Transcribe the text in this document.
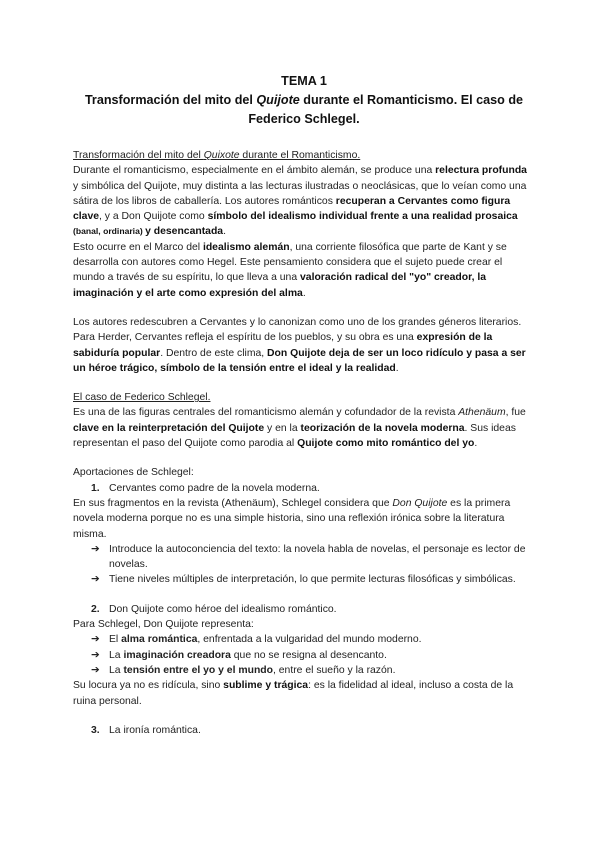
TEMA 1
Transformación del mito del Quijote durante el Romanticismo. El caso de Federico Schlegel.

Transformación del mito del Quixote durante el Romanticismo.

Durante el romanticismo, especialmente en el ámbito alemán, se produce una relectura profunda y simbólica del Quijote, muy distinta a las lecturas ilustradas o neoclásicas, que lo veían como una sátira de los libros de caballería. Los autores románticos recuperan a Cervantes como figura clave, y a Don Quijote como símbolo del idealismo individual frente a una realidad prosaica (banal, ordinaria) y desencantada.

Esto ocurre en el Marco del idealismo alemán, una corriente filosófica que parte de Kant y se desarrolla con autores como Hegel. Este pensamiento considera que el sujeto puede crear el mundo a través de su espíritu, lo que lleva a una valoración radical del "yo" creador, la imaginación y el arte como expresión del alma.

Los autores redescubren a Cervantes y lo canonizan como uno de los grandes géneros literarios. Para Herder, Cervantes refleja el espíritu de los pueblos, y su obra es una expresión de la sabiduría popular. Dentro de este clima, Don Quijote deja de ser un loco ridículo y pasa a ser un héroe trágico, símbolo de la tensión entre el ideal y la realidad.

El caso de Federico Schlegel.

Es una de las figuras centrales del romanticismo alemán y cofundador de la revista Athenäum, fue clave en la reinterpretación del Quijote y en la teorización de la novela moderna. Sus ideas representan el paso del Quijote como parodia al Quijote como mito romántico del yo.

Aportaciones de Schlegel:

1. Cervantes como padre de la novela moderna.

En sus fragmentos en la revista (Athenäum), Schlegel considera que Don Quijote es la primera novela moderna porque no es una simple historia, sino una reflexión irónica sobre la literatura misma.

➔ Introduce la autoconciencia del texto: la novela habla de novelas, el personaje es lector de novelas.
➔ Tiene niveles múltiples de interpretación, lo que permite lecturas filosóficas y simbólicas.
2. Don Quijote como héroe del idealismo romántico.

Para Schlegel, Don Quijote representa:

➔ El alma romántica, enfrentada a la vulgaridad del mundo moderno.
➔ La imaginación creadora que no se resigna al desencanto.
➔ La tensión entre el yo y el mundo, entre el sueño y la razón.

Su locura ya no es ridícula, sino sublime y trágica: es la fidelidad al ideal, incluso a costa de la ruina personal.

3. La ironía romántica.
